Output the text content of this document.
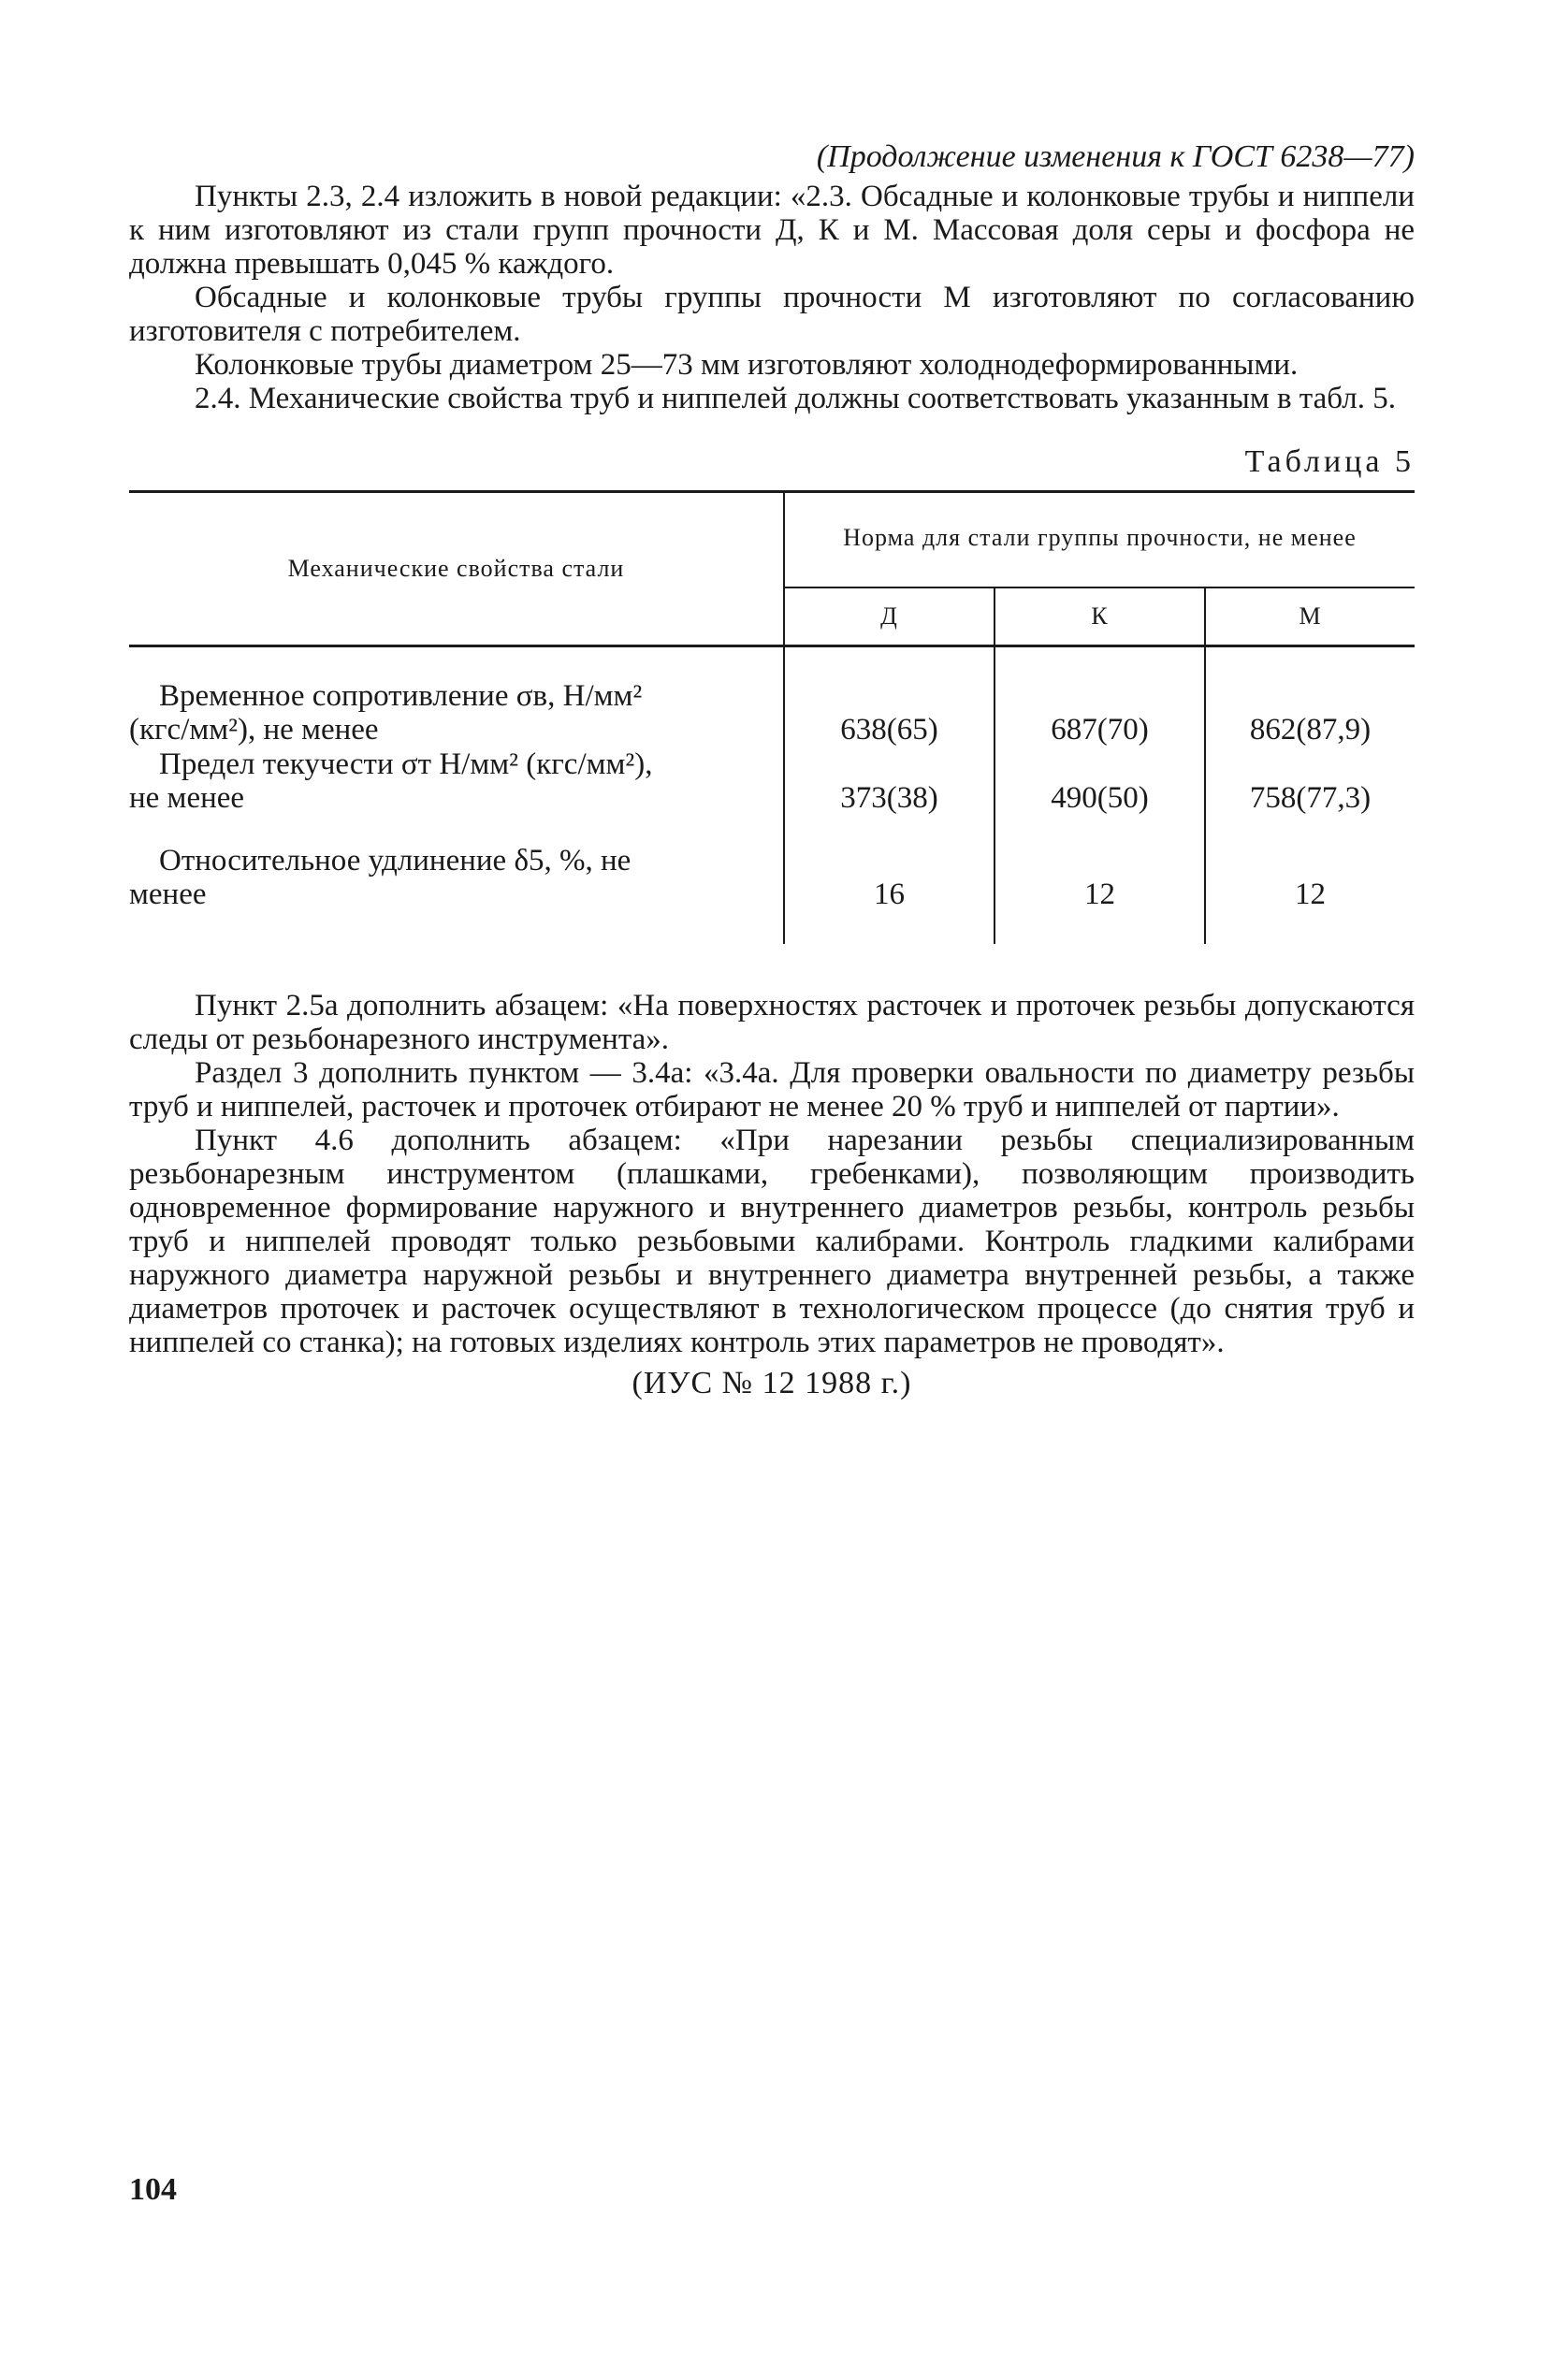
(Продолжение изменения к ГОСТ 6238—77)

Пункты 2.3, 2.4 изложить в новой редакции: «2.3. Обсадные и колонковые трубы и ниппели к ним изготовляют из стали групп прочности Д, К и М. Массовая доля серы и фосфора не должна превышать 0,045 % каждого.

Обсадные и колонковые трубы группы прочности М изготовляют по согласованию изготовителя с потребителем.

Колонковые трубы диаметром 25—73 мм изготовляют холоднодеформированными.

2.4. Механические свойства труб и ниппелей должны соответствовать указанным в табл. 5.

Таблица 5
Механические свойства стали	Норма для стали группы прочности, не менее		
	Д	К	М

Временное сопротивление σв, Н/мм²
(кгс/мм²), не менее	638(65)	687(70)	862(87,9)

Предел текучести σт Н/мм² (кгс/мм²),
не менее	373(38)	490(50)	758(77,3)

Относительное удлинение δ5, %, не
менее	16	12	12

Пункт 2.5а дополнить абзацем: «На поверхностях расточек и проточек резьбы допускаются следы от резьбонарезного инструмента».

Раздел 3 дополнить пунктом — 3.4а: «3.4а. Для проверки овальности по диаметру резьбы труб и ниппелей, расточек и проточек отбирают не менее 20 % труб и ниппелей от партии».

Пункт 4.6 дополнить абзацем: «При нарезании резьбы специализированным резьбонарезным инструментом (плашками, гребенками), позволяющим производить одновременное формирование наружного и внутреннего диаметров резьбы, контроль резьбы труб и ниппелей проводят только резьбовыми калибрами. Контроль гладкими калибрами наружного диаметра наружной резьбы и внутреннего диаметра внутренней резьбы, а также диаметров проточек и расточек осуществляют в технологическом процессе (до снятия труб и ниппелей со станка); на готовых изделиях контроль этих параметров не проводят».

(ИУС № 12 1988 г.)
104
